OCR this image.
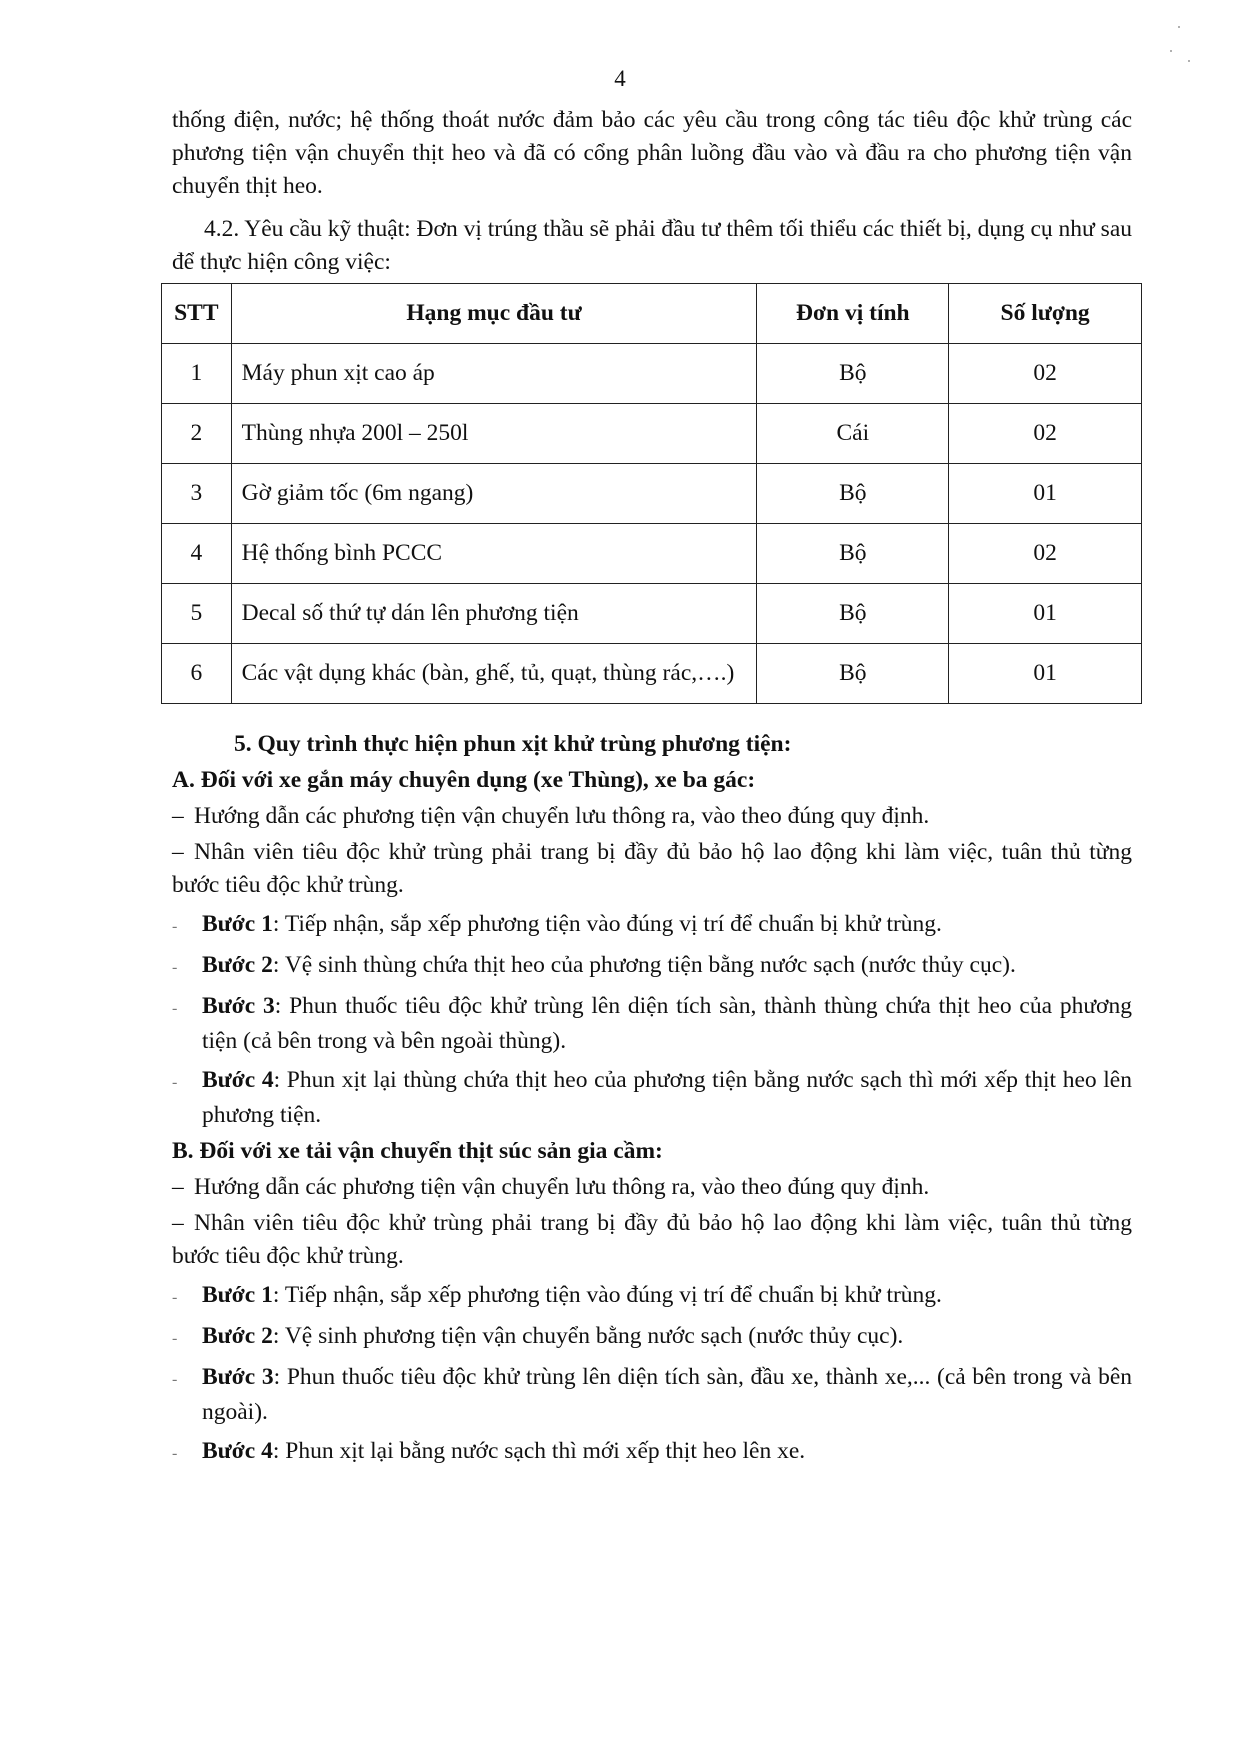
4

thống điện, nước; hệ thống thoát nước đảm bảo các yêu cầu trong công tác tiêu độc khử trùng các phương tiện vận chuyển thịt heo và đã có cổng phân luồng đầu vào và đầu ra cho phương tiện vận chuyển thịt heo.

4.2. Yêu cầu kỹ thuật: Đơn vị trúng thầu sẽ phải đầu tư thêm tối thiểu các thiết bị, dụng cụ như sau để thực hiện công việc:

STT	Hạng mục đầu tư	Đơn vị tính	Số lượng
1	Máy phun xịt cao áp	Bộ	02
2	Thùng nhựa 200l – 250l	Cái	02
3	Gờ giảm tốc (6m ngang)	Bộ	01
4	Hệ thống bình PCCC	Bộ	02
5	Decal số thứ tự dán lên phương tiện	Bộ	01
6	Các vật dụng khác (bàn, ghế, tủ, quạt, thùng rác,….)	Bộ	01
5. Quy trình thực hiện phun xịt khử trùng phương tiện:
A. Đối với xe gắn máy chuyên dụng (xe Thùng), xe ba gác:

– Hướng dẫn các phương tiện vận chuyển lưu thông ra, vào theo đúng quy định.

– Nhân viên tiêu độc khử trùng phải trang bị đầy đủ bảo hộ lao động khi làm việc, tuân thủ từng bước tiêu độc khử trùng.

- Bước 1: Tiếp nhận, sắp xếp phương tiện vào đúng vị trí để chuẩn bị khử trùng.

- Bước 2: Vệ sinh thùng chứa thịt heo của phương tiện bằng nước sạch (nước thủy cục).

- Bước 3: Phun thuốc tiêu độc khử trùng lên diện tích sàn, thành thùng chứa thịt heo của phương tiện (cả bên trong và bên ngoài thùng).

- Bước 4: Phun xịt lại thùng chứa thịt heo của phương tiện bằng nước sạch thì mới xếp thịt heo lên phương tiện.

B. Đối với xe tải vận chuyển thịt súc sản gia cầm:

– Hướng dẫn các phương tiện vận chuyển lưu thông ra, vào theo đúng quy định.

– Nhân viên tiêu độc khử trùng phải trang bị đầy đủ bảo hộ lao động khi làm việc, tuân thủ từng bước tiêu độc khử trùng.

- Bước 1: Tiếp nhận, sắp xếp phương tiện vào đúng vị trí để chuẩn bị khử trùng.

- Bước 2: Vệ sinh phương tiện vận chuyển bằng nước sạch (nước thủy cục).

- Bước 3: Phun thuốc tiêu độc khử trùng lên diện tích sàn, đầu xe, thành xe,... (cả bên trong và bên ngoài).

- Bước 4: Phun xịt lại bằng nước sạch thì mới xếp thịt heo lên xe.
